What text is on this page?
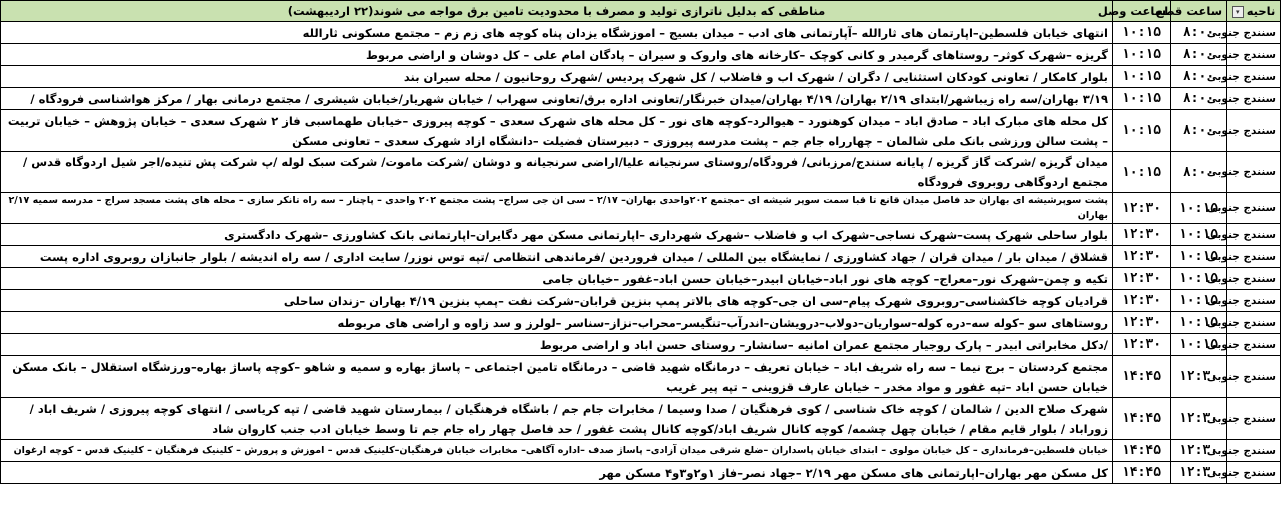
ناحیه▾	ساعت قطع	ساعت وصل	مناطقی که بدلیل ناترازی تولید و مصرف با محدودیت تامین برق مواجه می شوند(۲۲ اردیبهشت)
سنندج جنوبی	۸:۰۰	۱۰:۱۵	انتهای خیابان فلسطین–اپارتمان های ثارالله –آپارتمانی های ادب – میدان بسیج – اموزشگاه یزدان پناه کوچه های زم زم – مجتمع مسکونی ثارالله
سنندج جنوبی	۸:۰۰	۱۰:۱۵	گریزه –شهرک کوثر– روستاهای گرمیدر و کانی کوچک –کارخانه های واروک و سیران – پادگان امام علی – کل دوشان و اراضی مربوط
سنندج جنوبی	۸:۰۰	۱۰:۱۵	بلوار کامکار / تعاونی کودکان استثنایی / دگران / شهرک اب و فاضلاب / کل شهرک پردیس /شهرک روحانیون / محله سیران بند
سنندج جنوبی	۸:۰۰	۱۰:۱۵	۳/۱۹ بهاران/سه راه زیباشهر/ابتدای ۲/۱۹ بهاران/ ۴/۱۹ بهاران/میدان خبرنگار/تعاونی اداره برق/تعاونی سهراب / خیابان شهریار/خیابان شیشری / مجتمع درمانی بهار / مرکز هواشناسی فرودگاه /
سنندج جنوبی	۸:۰۰	۱۰:۱۵	کل محله های مبارک اباد – صادق اباد – میدان کوهنورد – هیوالرد–کوچه های نور – کل محله های شهرک سعدی – کوچه پیروزی –خیابان طهماسبی فاز ۲ شهرک سعدی – خیابان پژوهش – خیابان تربیت – پشت سالن ورزشی بانک ملی شالمان – چهارراه جام جم – پشت مدرسه پیروزی – دبیرستان فضیلت –دانشگاه ازاد شهرک سعدی – تعاونی مسکن
سنندج جنوبی	۸:۰۰	۱۰:۱۵	میدان گریزه /شرکت گاز گریزه / پایانه سنندج/مرزبانی/ فرودگاه/روستای سرنجیانه علیا/اراضی سرنجیانه و دوشان /شرکت ماموت/ شرکت سبک لوله /پ شرکت پش تنیده/اجر شیل اردوگاه قدس / مجتمع اردوگاهی روبروی فرودگاه
سنندج جنوبی	۱۰:۱۵	۱۲:۳۰	پشت سوپرشیشه ای بهاران حد فاصل میدان قانع تا قبا سمت سوپر شیشه ای –مجتمع ۲۰۲واحدی بهاران– ۲/۱۷ – سی ان جی سراج– پشت مجتمع ۲۰۲ واحدی – پاچنار – سه راه تانکر سازی – محله های پشت مسجد سراج – مدرسه سمیه ۲/۱۷ بهاران
سنندج جنوبی	۱۰:۱۵	۱۲:۳۰	بلوار ساحلی شهرک پست–شهرک نساجی–شهرک اب و فاضلاب –شهرک شهرداری –اپارتمانی مسکن مهر دگایران–اپارتمانی بانک کشاورزی –شهرک دادگستری
سنندج جنوبی	۱۰:۱۵	۱۲:۳۰	قشلاق / میدان بار / میدان قران / جهاد کشاورزی / نمایشگاه بین المللی / میدان فروردین /فرماندهی انتظامی /تپه توس نوزر/ سایت اداری / سه راه اندیشه / بلوار جانبازان روبروی اداره پست
سنندج جنوبی	۱۰:۱۵	۱۲:۳۰	تکیه و چمن–شهرک نور–معراج– کوچه های نور اباد–خیابان ابیدر–خیابان حسن اباد–غفور –خیابان جامی
سنندج جنوبی	۱۰:۱۵	۱۲:۳۰	قرادیان کوچه خاکشناسی–روبروی شهرک پیام–سی ان جی–کوچه های بالاتر پمپ بنزین قرابان–شرکت نفت –پمپ بنزین ۴/۱۹ بهاران –زندان ساحلی
سنندج جنوبی	۱۰:۱۵	۱۲:۳۰	روستاهای سو –کوله سه–دره کوله–سواریان–دولاب–درویشان–اندرآب–تنگیسر–محراب–نزاز–سناسر –لولرز و سد زاوه و اراضی های مربوطه
سنندج جنوبی	۱۰:۱۵	۱۲:۳۰	/دکل مخابراتی ابیدر – پارک روجیار مجتمع عمران امانیه –سانشار– روستای حسن اباد و اراضی مربوط
سنندج جنوبی	۱۲:۳۰	۱۴:۴۵	مجتمع کردستان – برج نیما – سه راه شریف اباد – خیابان تعریف – درمانگاه شهید قاضی – درمانگاه تامین اجتماعی – پاساژ بهاره و سمیه و شاهو –کوچه پاساژ بهاره–ورزشگاه استقلال – بانک مسکن خیابان حسن اباد –تپه غفور و مواد مخدر – خیابان عارف قزوینی – تپه پیر غریب
سنندج جنوبی	۱۲:۳۰	۱۴:۴۵	شهرک صلاح الدین / شالمان / کوچه خاک شناسی / کوی فرهنگیان / صدا وسیما / مخابرات جام جم / باشگاه فرهنگیان / بیمارستان شهید قاضی / تپه کریاسی / انتهای کوچه پیروزی / شریف اباد / زوراباد / بلوار قایم مقام / خیابان چهل چشمه/ کوچه کانال شریف اباد/کوچه کانال پشت غفور / حد فاصل چهار راه جام جم تا وسط خیابان ادب جنب کاروان شاد
سنندج جنوبی	۱۲:۳۰	۱۴:۴۵	خیابان فلسطین–فرمانداری – کل خیابان مولوی – ابتدای خیابان پاسداران –ضلع شرقی میدان آزادی– پاساژ صدف –اداره آگاهی– مخابرات خیابان فرهنگیان–کلینیک قدس – اموزش و پرورش – کلینیک فرهنگیان – کلینیک قدس – کوچه ارغوان
سنندج جنوبی	۱۲:۳۰	۱۴:۴۵	کل مسکن مهر بهاران–اپارتمانی های مسکن مهر ۲/۱۹ –جهاد نصر–فاز ۱و۲و۳و۴ مسکن مهر
